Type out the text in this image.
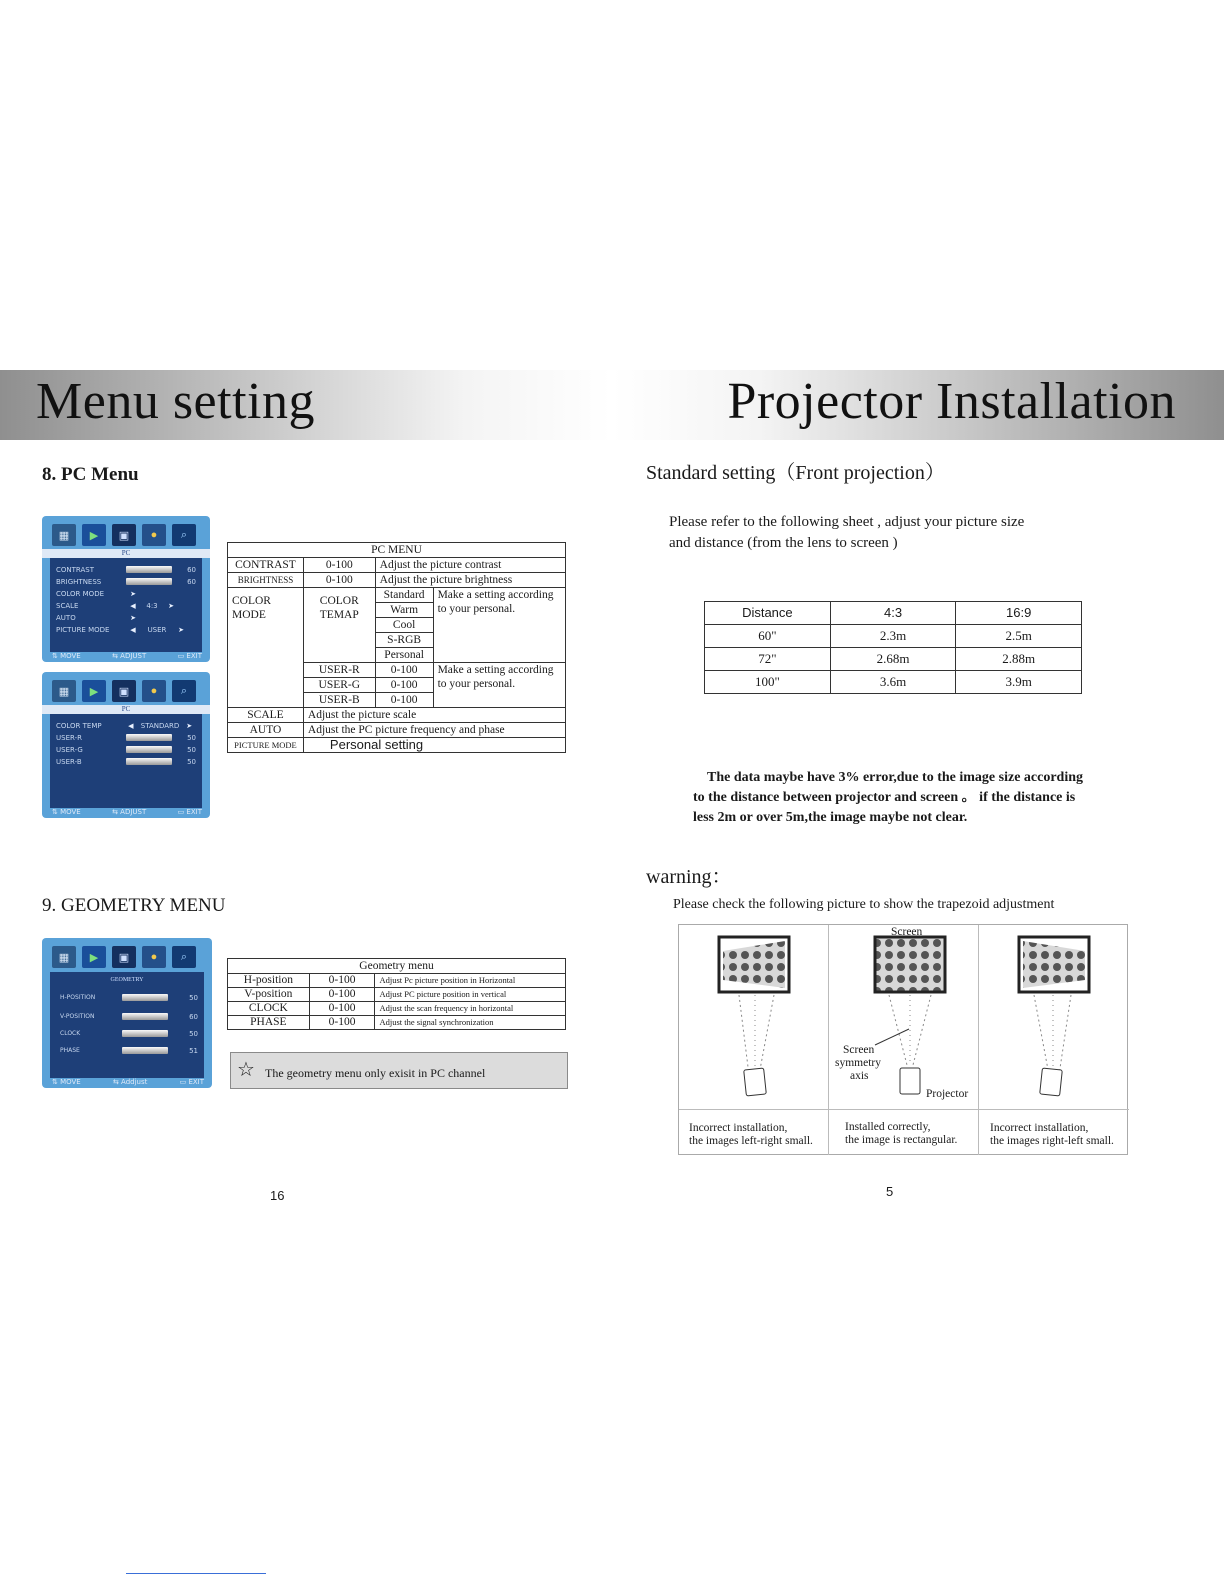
Menu setting	Projector Installation
8. PC Menu
▦	▶	▣	●	⌕
PC
CONTRAST	60
BRIGHTNESS	60
COLOR MODE	➤
SCALE	◀	4:3	➤
AUTO	➤
PICTURE MODE	◀	USER	➤
⇅ MOVE	⇆ ADJUST	▭ EXIT
▦	▶	▣	●	⌕
PC
COLOR TEMP	◀	STANDARD ➤
USER-R	50
USER-G	50
USER-B	50
⇅ MOVE	⇆ ADJUST	▭ EXIT
PC MENU			
CONTRAST	0-100	Adjust the picture contrast	
BRIGHTNESS	0-100	Adjust the picture brightness	
COLOR MODE	COLOR TEMAP	Standard	Make a setting according to your personal.
		Warm	
		Cool	
		S-RGB	
		Personal	
	USER-R	0-100	Make a setting according to your personal.
	USER-G	0-100	
	USER-B	0-100	
SCALE	Adjust the picture scale		
AUTO	Adjust the PC picture frequency and phase		
PICTURE MODE	Personal setting		
9. GEOMETRY MENU
▦	▶	▣	●	⌕
GEOMETRY
H-POSITION	50
V-POSITION	60
CLOCK	50
PHASE	51
⇅ MOVE	⇆ Addjust	▭ EXIT
Geometry menu		
H-position	0-100	Adjust Pc picture position in Horizontal
V-position	0-100	Adjust PC picture position in vertical
CLOCK	0-100	Adjust the scan frequency in horizontal
PHASE	0-100	Adjust the signal synchronization
☆ The geometry menu only exisit in PC channel
16
Standard setting（Front projection）
Please refer to the following sheet , adjust your picture size
and distance (from the lens to screen )
Distance	4:3	16:9
60"	2.3m	2.5m
72"	2.68m	2.88m
100"	3.6m	3.9m
The data maybe have 3% error,due to the image size according
to the distance between projector and screen 。 if the distance is
less 2m or over 5m,the image maybe not clear.
warning：
Please check the following picture to show the trapezoid adjustment
Screen
Screen
symmetry
axis
Projector
Incorrect installation,
the images left-right small.
Installed correctly,
the image is rectangular.
Incorrect installation,
the images right-left small.
5
